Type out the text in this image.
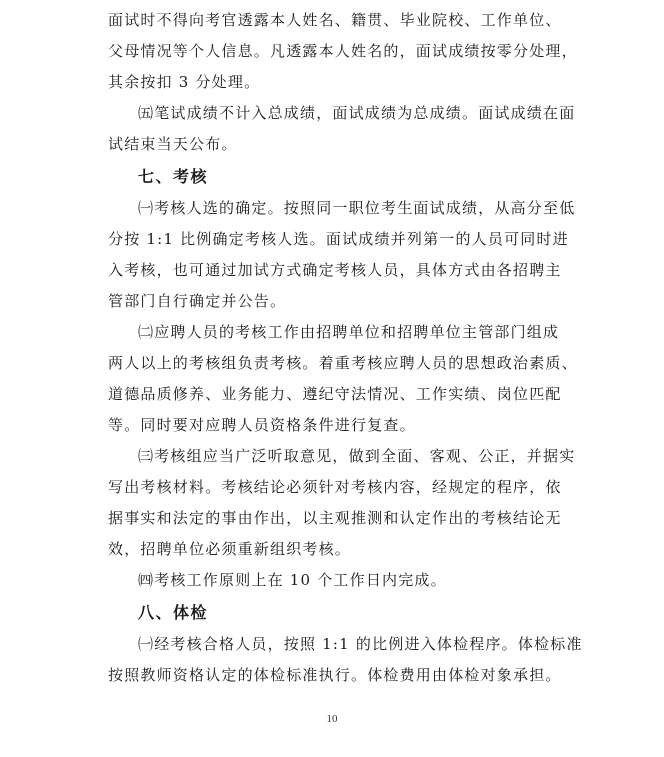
面试时不得向考官透露本人姓名、籍贯、毕业院校、工作单位、
父母情况等个人信息。凡透露本人姓名的，面试成绩按零分处理，
其余按扣 3 分处理。

㈤笔试成绩不计入总成绩，面试成绩为总成绩。面试成绩在面
试结束当天公布。

七、考核

㈠考核人选的确定。按照同一职位考生面试成绩，从高分至低
分按 1:1 比例确定考核人选。面试成绩并列第一的人员可同时进
入考核，也可通过加试方式确定考核人员，具体方式由各招聘主
管部门自行确定并公告。

㈡应聘人员的考核工作由招聘单位和招聘单位主管部门组成
两人以上的考核组负责考核。着重考核应聘人员的思想政治素质、
道德品质修养、业务能力、遵纪守法情况、工作实绩、岗位匹配
等。同时要对应聘人员资格条件进行复查。

㈢考核组应当广泛听取意见，做到全面、客观、公正，并据实
写出考核材料。考核结论必须针对考核内容，经规定的程序，依
据事实和法定的事由作出，以主观推测和认定作出的考核结论无
效，招聘单位必须重新组织考核。

㈣考核工作原则上在 10 个工作日内完成。

八、体检

㈠经考核合格人员，按照 1:1 的比例进入体检程序。体检标准
按照教师资格认定的体检标准执行。体检费用由体检对象承担。

10
